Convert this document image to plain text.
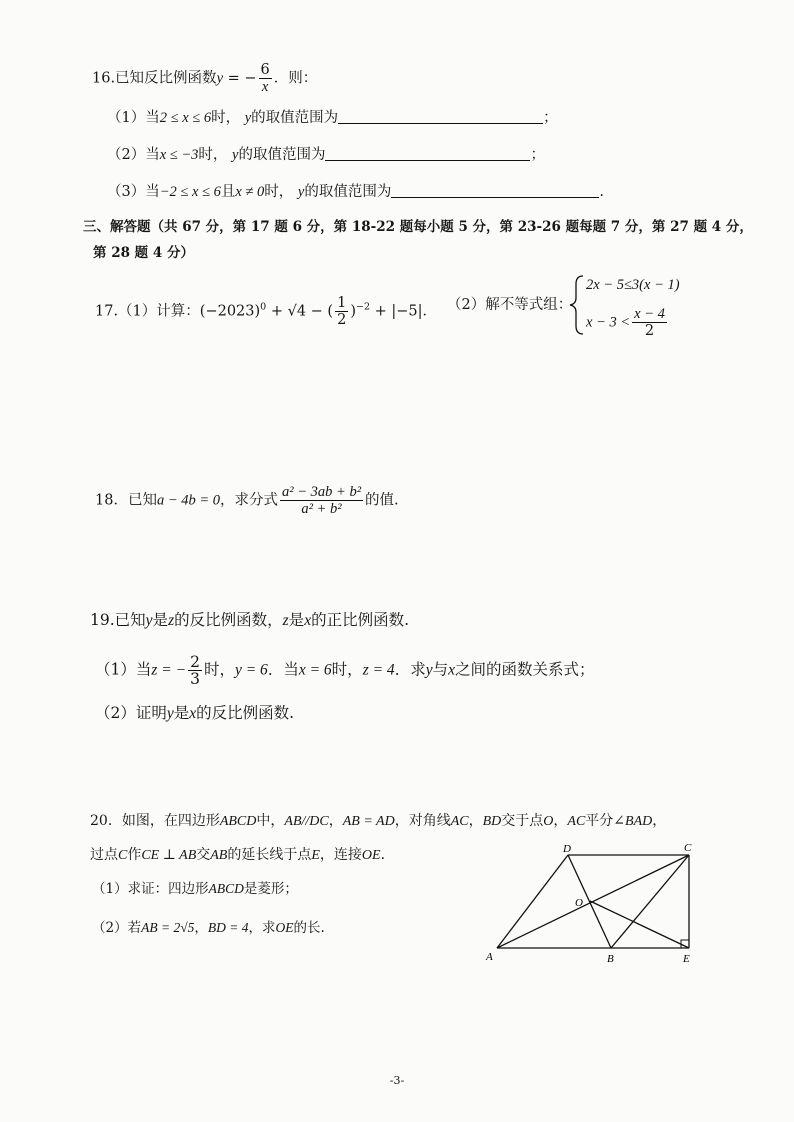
16.已知反比例函数y = − $\frac{6}{x}$ ．则：
（1）当2 ≤ x ≤ 6时， y的取值范围为	；
（2）当x ≤ −3时， y的取值范围为	；
（3）当−2 ≤ x ≤ 6且x ≠ 0时， y的取值范围为	.
三、解答题（共 67 分，第 17 题 6 分，第 18-22 题每小题 5 分，第 23-26 题每题 7 分，第 27 题 4 分，
第 28 题 4 分）
17.（1）计算：$(-2023)^0 + √4$ − ( $\frac{1}{2} )^{-2} + |-5|$． （2）解不等式组：
2x − 5≤3(x − 1)
$x - 3 < \frac{x - 4}{2}$
18．已知a − 4b = 0，求分式 $\frac{\text{a² − 3ab + b²}}{\text{a² + b²}}$ 的值.
19.已知y是z的反比例函数，z是x的正比例函数.
（1）当z = − $\frac{2}{3}$ 时，y = 6．当x = 6时，z = 4．求y与x之间的函数关系式；
（2）证明y是x的反比例函数.
20．如图，在四边形ABCD中，AB//DC，AB = AD，对角线AC，BD交于点O，AC平分∠BAD，
过点C作CE ⊥ AB交AB的延长线于点E，连接OE．
（1）求证：四边形ABCD是菱形；
（2）若AB = 2√5，BD = 4，求OE的长.
A	B
C
D
E
O
-3-
